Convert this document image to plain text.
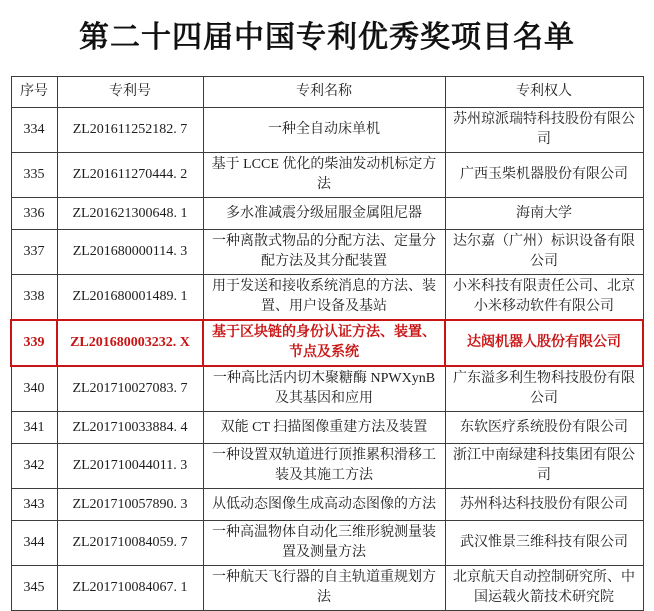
第二十四届中国专利优秀奖项目名单
序号	专利号	专利名称	专利权人
334	ZL201611252182. 7	一种全自动床单机	苏州琼派瑞特科技股份有限公司
335	ZL201611270444. 2	基于 LCCE 优化的柴油发动机标定方法	广西玉柴机器股份有限公司
336	ZL201621300648. 1	多水准减震分级屈服金属阻尼器	海南大学
337	ZL201680000114. 3	一种离散式物品的分配方法、定量分配方法及其分配装置	达尔嘉（广州）标识设备有限公司
338	ZL201680001489. 1	用于发送和接收系统消息的方法、装置、用户设备及基站	小米科技有限责任公司、北京小米移动软件有限公司
339	ZL201680003232. X	基于区块链的身份认证方法、装置、节点及系统	达闼机器人股份有限公司
340	ZL201710027083. 7	一种高比活内切木聚糖酶 NPWXynB 及其基因和应用	广东溢多利生物科技股份有限公司
341	ZL201710033884. 4	双能 CT 扫描图像重建方法及装置	东软医疗系统股份有限公司
342	ZL201710044011. 3	一种设置双轨道进行顶推累积滑移工装及其施工方法	浙江中南绿建科技集团有限公司
343	ZL201710057890. 3	从低动态图像生成高动态图像的方法	苏州科达科技股份有限公司
344	ZL201710084059. 7	一种高温物体自动化三维形貌测量装置及测量方法	武汉惟景三维科技有限公司
345	ZL201710084067. 1	一种航天飞行器的自主轨道重规划方法	北京航天自动控制研究所、中国运载火箭技术研究院
